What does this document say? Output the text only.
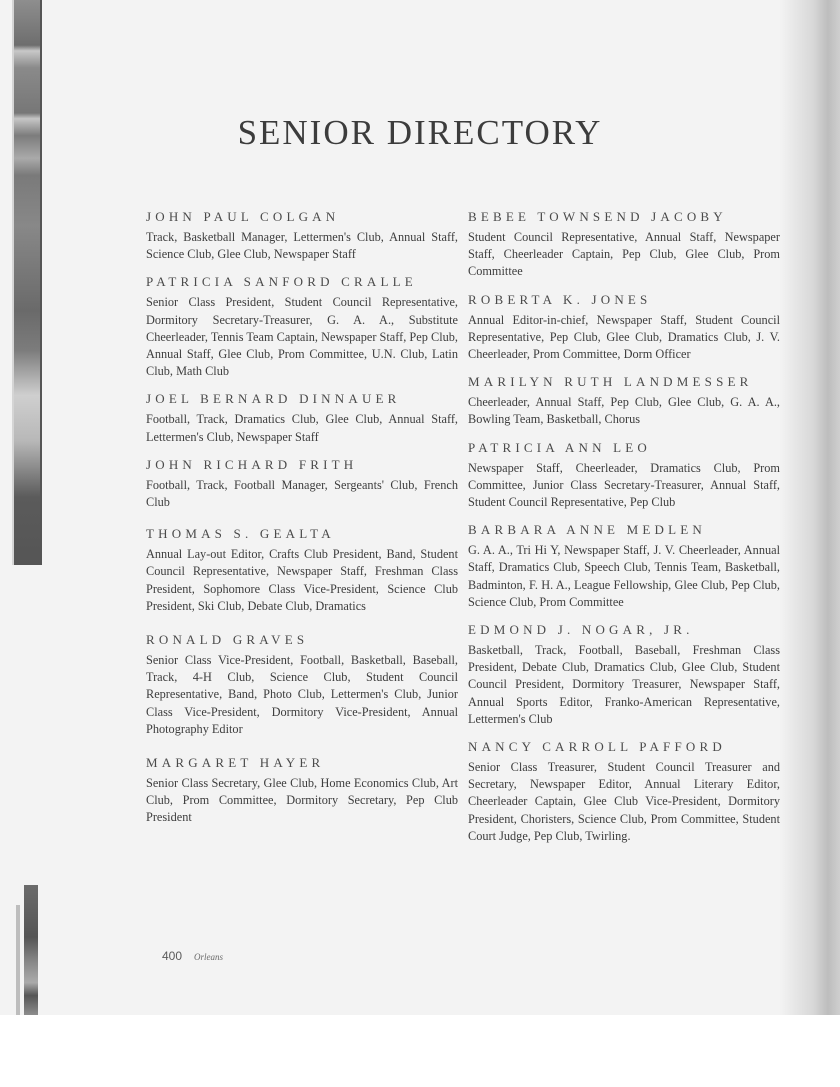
SENIOR DIRECTORY
JOHN PAUL COLGAN
Track, Basketball Manager, Lettermen's Club, Annual Staff, Science Club, Glee Club, Newspaper Staff
PATRICIA SANFORD CRALLE
Senior Class President, Student Council Representative, Dormitory Secretary-Treasurer, G. A. A., Substitute Cheerleader, Tennis Team Captain, Newspaper Staff, Pep Club, Annual Staff, Glee Club, Prom Committee, U.N. Club, Latin Club, Math Club
JOEL BERNARD DINNAUER
Football, Track, Dramatics Club, Glee Club, Annual Staff, Lettermen's Club, Newspaper Staff
JOHN RICHARD FRITH
Football, Track, Football Manager, Sergeants' Club, French Club
THOMAS S. GEALTA
Annual Lay-out Editor, Crafts Club President, Band, Student Council Representative, Newspaper Staff, Freshman Class President, Sophomore Class Vice-President, Science Club President, Ski Club, Debate Club, Dramatics
RONALD GRAVES
Senior Class Vice-President, Football, Basketball, Baseball, Track, 4-H Club, Science Club, Student Council Representative, Band, Photo Club, Lettermen's Club, Junior Class Vice-President, Dormitory Vice-President, Annual Photography Editor
MARGARET HAYER
Senior Class Secretary, Glee Club, Home Economics Club, Art Club, Prom Committee, Dormitory Secretary, Pep Club President
BEBEE TOWNSEND JACOBY
Student Council Representative, Annual Staff, Newspaper Staff, Cheerleader Captain, Pep Club, Glee Club, Prom Committee
ROBERTA K. JONES
Annual Editor-in-chief, Newspaper Staff, Student Council Representative, Pep Club, Glee Club, Dramatics Club, J. V. Cheerleader, Prom Committee, Dorm Officer
MARILYN RUTH LANDMESSER
Cheerleader, Annual Staff, Pep Club, Glee Club, G. A. A., Bowling Team, Basketball, Chorus
PATRICIA ANN LEO
Newspaper Staff, Cheerleader, Dramatics Club, Prom Committee, Junior Class Secretary-Treasurer, Annual Staff, Student Council Representative, Pep Club
BARBARA ANNE MEDLEN
G. A. A., Tri Hi Y, Newspaper Staff, J. V. Cheerleader, Annual Staff, Dramatics Club, Speech Club, Tennis Team, Basketball, Badminton, F. H. A., League Fellowship, Glee Club, Pep Club, Science Club, Prom Committee
EDMOND J. NOGAR, JR.
Basketball, Track, Football, Baseball, Freshman Class President, Debate Club, Dramatics Club, Glee Club, Student Council President, Dormitory Treasurer, Newspaper Staff, Annual Sports Editor, Franko-American Representative, Lettermen's Club
NANCY CARROLL PAFFORD
Senior Class Treasurer, Student Council Treasurer and Secretary, Newspaper Editor, Annual Literary Editor, Cheerleader Captain, Glee Club Vice-President, Dormitory President, Choristers, Science Club, Prom Committee, Student Court Judge, Pep Club, Twirling.
400 Orleans
